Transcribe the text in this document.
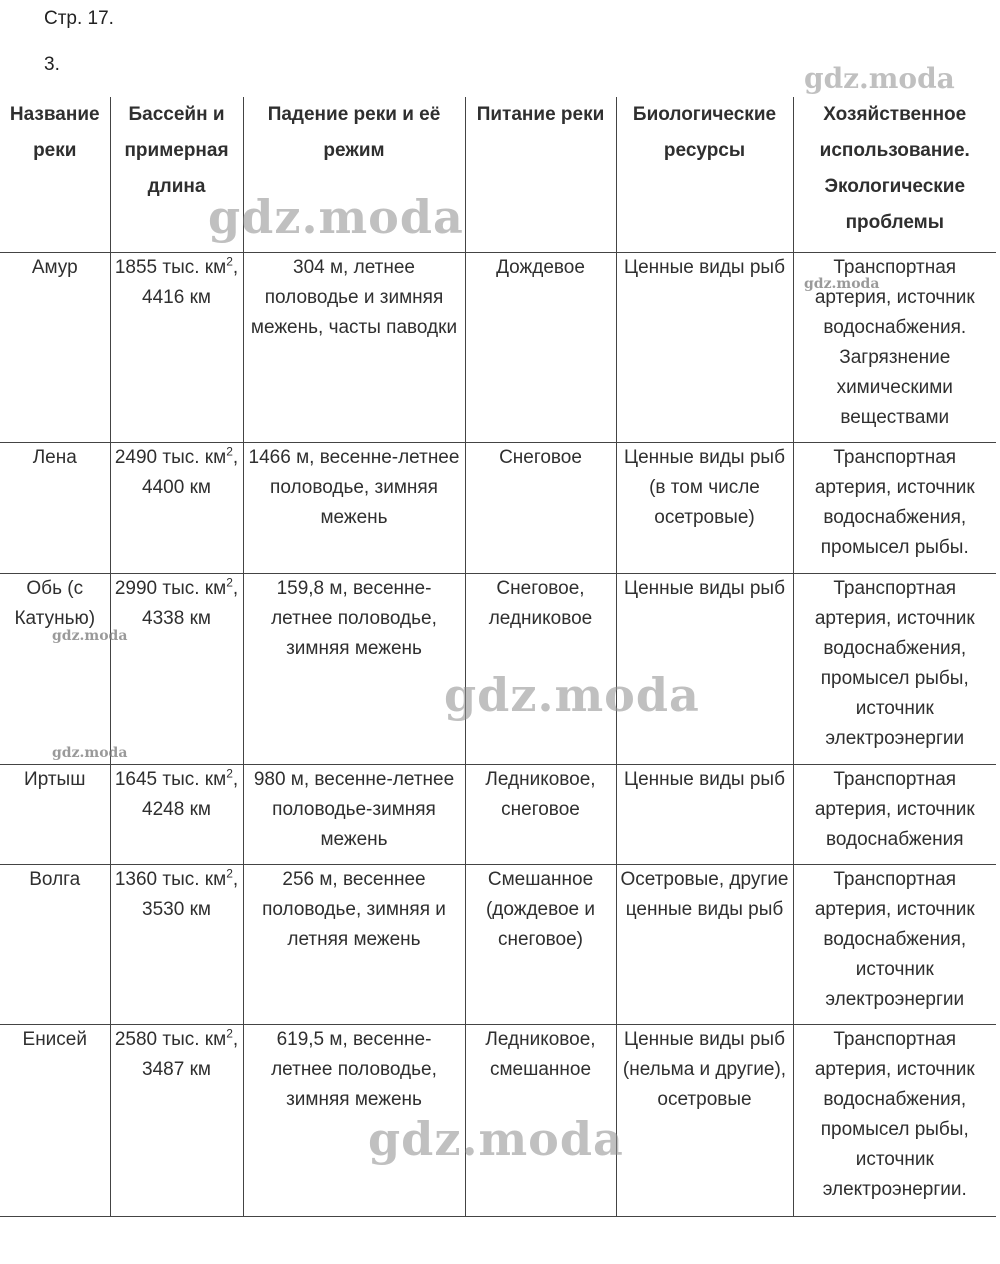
Стр. 17.
3.
Название реки	Бассейн и примерная длина	Падение реки и её режим	Питание реки	Биологические ресурсы	Хозяйственное использование. Экологические проблемы
Амур	1855 тыс. $км^2$, 4416 км	304 м, летнее половодье и зимняя межень, часты паводки	Дождевое	Ценные виды рыб	Транспортная артерия, источник водоснабжения. Загрязнение химическими веществами
Лена	2490 тыс. $км^2$, 4400 км	1466 м, весенне-летнее половодье, зимняя межень	Снеговое	Ценные виды рыб (в том числе осетровые)	Транспортная артерия, источник водоснабжения, промысел рыбы.
Обь (с Катунью)	2990 тыс. $км^2$, 4338 км	159,8 м, весенне-летнее половодье, зимняя межень	Снеговое, ледниковое	Ценные виды рыб	Транспортная артерия, источник водоснабжения, промысел рыбы, источник электроэнергии
Иртыш	1645 тыс. $км^2$, 4248 км	980 м, весенне-летнее половодье-зимняя межень	Ледниковое, снеговое	Ценные виды рыб	Транспортная артерия, источник водоснабжения
Волга	1360 тыс. $км^2$, 3530 км	256 м, весеннее половодье, зимняя и летняя межень	Смешанное (дождевое и снеговое)	Осетровые, другие ценные виды рыб	Транспортная артерия, источник водоснабжения, источник электроэнергии
Енисей	2580 тыс. $км^2$, 3487 км	619,5 м, весенне-летнее половодье, зимняя межень	Ледниковое, смешанное	Ценные виды рыб (нельма и другие), осетровые	Транспортная артерия, источник водоснабжения, промысел рыбы, источник электроэнергии.
gdz.moda
gdz.moda
gdz.moda
gdz.moda
gdz.moda
gdz.moda
gdz.moda
